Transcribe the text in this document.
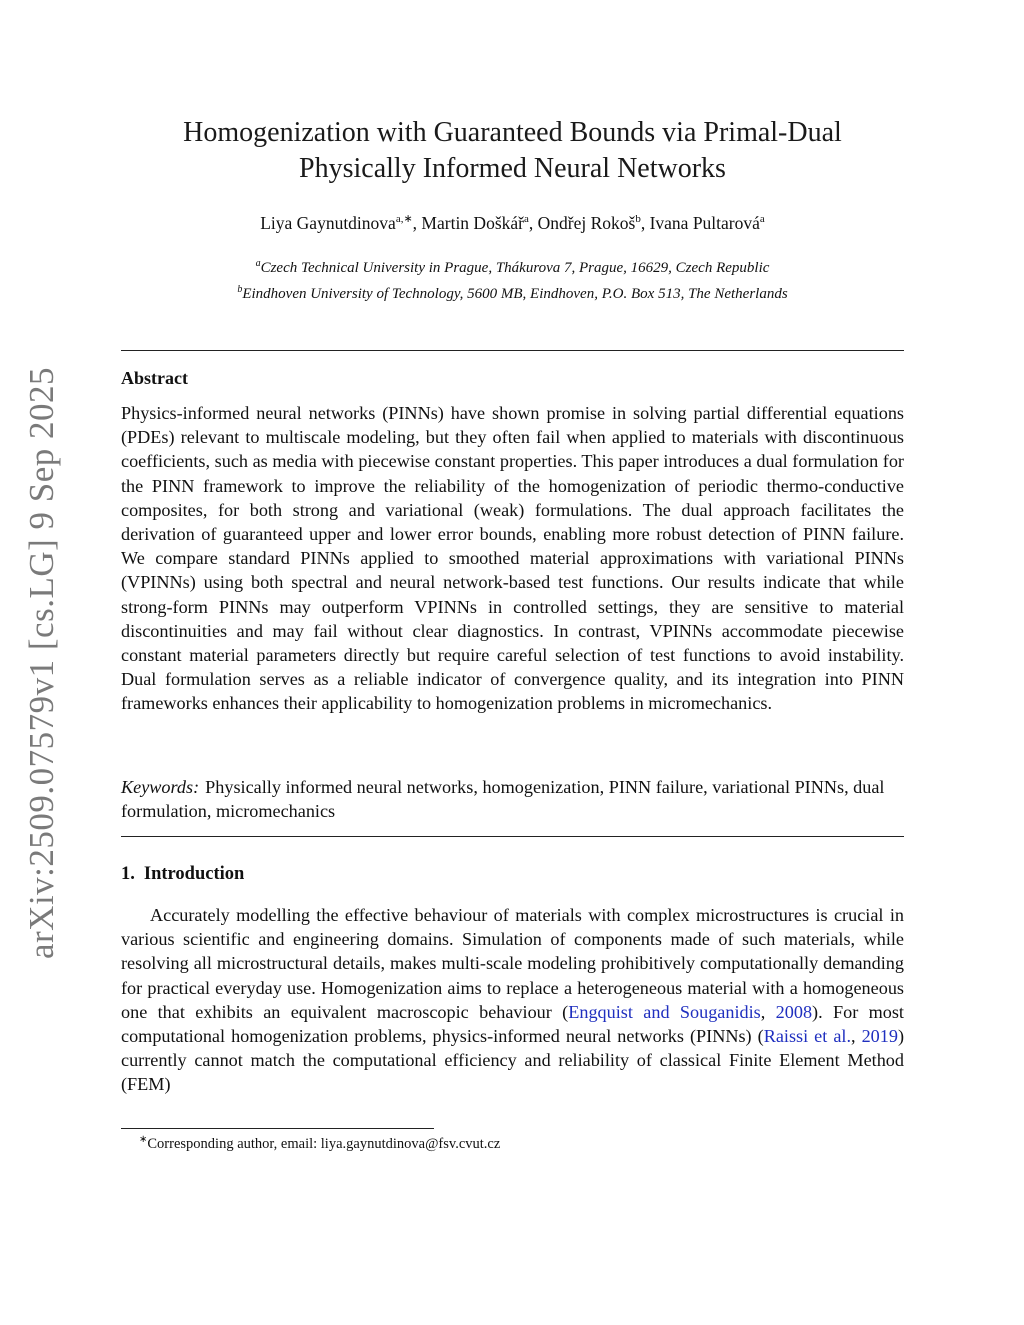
arXiv:2509.07579v1 [cs.LG] 9 Sep 2025
Homogenization with Guaranteed Bounds via Primal-Dual
Physically Informed Neural Networks
Liya Gaynutdinova$^{a,∗}$, Martin Doškář$^a$, Ondřej Rokoš$^b$, Ivana Pultarová$^a$
$^a$Czech Technical University in Prague, Thákurova 7, Prague, 16629, Czech Republic
$^b$Eindhoven University of Technology, 5600 MB, Eindhoven, P.O. Box 513, The Netherlands
Abstract
Physics-informed neural networks (PINNs) have shown promise in solving partial differential equations (PDEs) relevant to multiscale modeling, but they often fail when applied to materials with discontinuous coefficients, such as media with piecewise constant properties. This paper introduces a dual formulation for the PINN framework to improve the reliability of the homogenization of periodic thermo-conductive composites, for both strong and variational (weak) formulations. The dual approach facilitates the derivation of guaranteed upper and lower error bounds, enabling more robust detection of PINN failure. We compare standard PINNs applied to smoothed material approximations with variational PINNs (VPINNs) using both spectral and neural network-based test functions. Our results indicate that while strong-form PINNs may outperform VPINNs in controlled settings, they are sensitive to material discontinuities and may fail without clear diagnostics. In contrast, VPINNs accommodate piecewise constant material parameters directly but require careful selection of test functions to avoid instability. Dual formulation serves as a reliable indicator of convergence quality, and its integration into PINN frameworks enhances their applicability to homogenization problems in micromechanics.
Keywords: Physically informed neural networks, homogenization, PINN failure, variational PINNs, dual formulation, micromechanics
1. Introduction
Accurately modelling the effective behaviour of materials with complex microstructures is crucial in various scientific and engineering domains. Simulation of components made of such materials, while resolving all microstructural details, makes multi-scale modeling prohibitively computationally demanding for practical everyday use. Homogenization aims to replace a heterogeneous material with a homogeneous one that exhibits an equivalent macroscopic behaviour (Engquist and Souganidis, 2008). For most computational homogenization problems, physics-informed neural networks (PINNs) (Raissi et al., 2019) currently cannot match the computational efficiency and reliability of classical Finite Element Method (FEM)
∗Corresponding author, email: liya.gaynutdinova@fsv.cvut.cz
